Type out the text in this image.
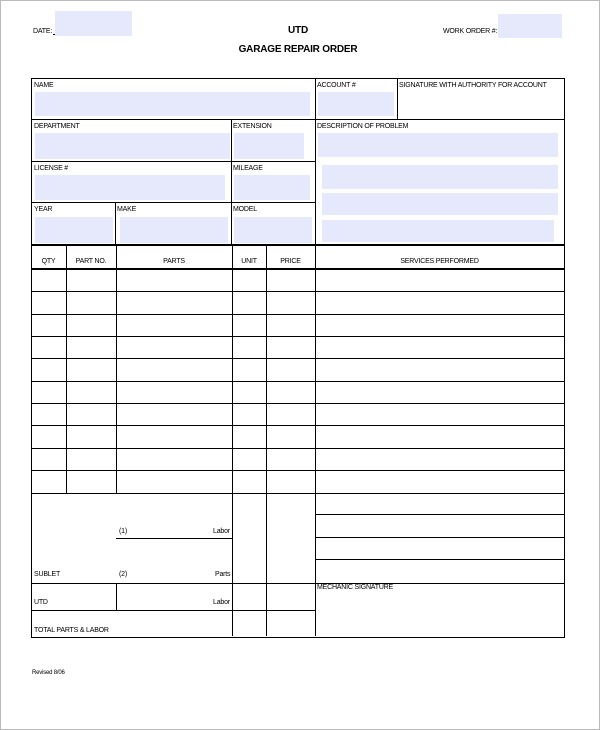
DATE:	UTD
GARAGE REPAIR ORDER
WORK ORDER #:
NAME	ACCOUNT #	SIGNATURE WITH AUTHORITY FOR ACCOUNT
DEPARTMENT	EXTENSION	DESCRIPTION OF PROBLEM
LICENSE #	MILEAGE
YEAR	MAKE	MODEL
QTY	PART NO.	PARTS	UNIT	PRICE	SERVICES PERFORMED
(1)	Labor
SUBLET	(2)	Parts
UTD	Labor
TOTAL PARTS & LABOR
MECHANIC SIGNATURE
Revised 8/06
